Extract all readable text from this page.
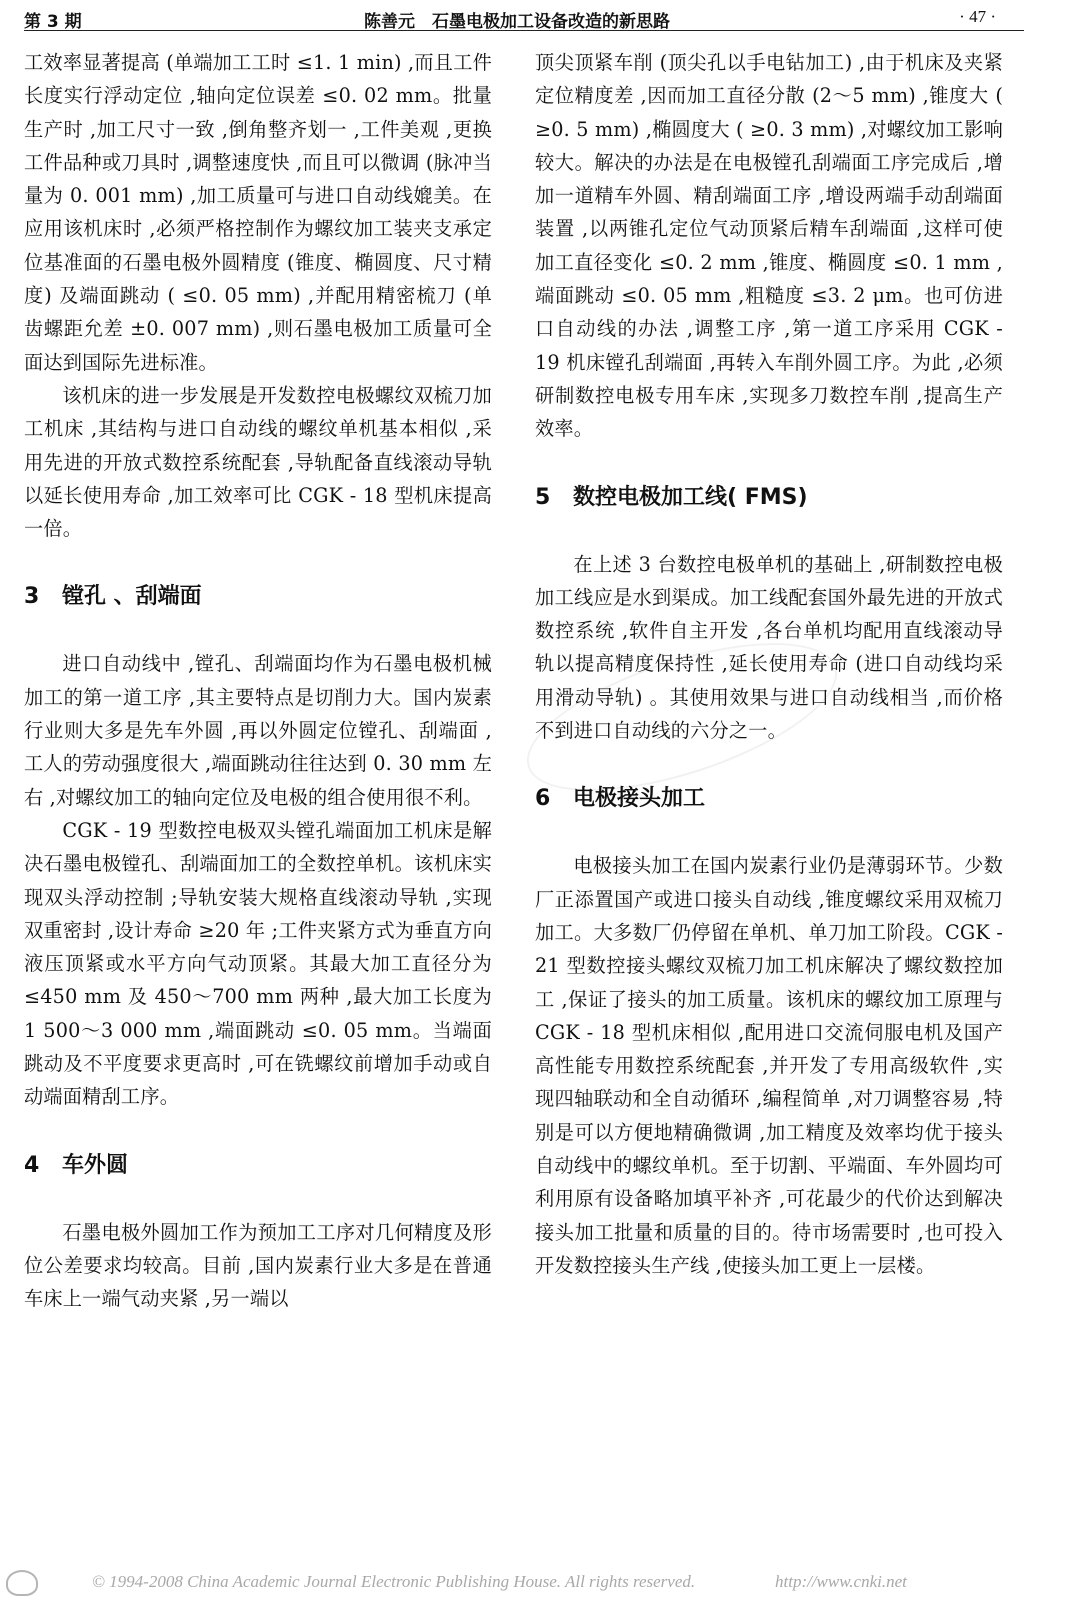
第 3 期	陈善元　石墨电极加工设备改造的新思路	· 47 ·

工效率显著提高 (单端加工工时 ≤1. 1 min) ,而且工件长度实行浮动定位 ,轴向定位误差 ≤0. 02 mm。批量生产时 ,加工尺寸一致 ,倒角整齐划一 ,工件美观 ,更换工件品种或刀具时 ,调整速度快 ,而且可以微调 (脉冲当量为 0. 001 mm) ,加工质量可与进口自动线媲美。在应用该机床时 ,必须严格控制作为螺纹加工装夹支承定位基准面的石墨电极外圆精度 (锥度、椭圆度、尺寸精度) 及端面跳动 ( ≤0. 05 mm) ,并配用精密梳刀 (单齿螺距允差 ±0. 007 mm) ,则石墨电极加工质量可全面达到国际先进标准。

该机床的进一步发展是开发数控电极螺纹双梳刀加工机床 ,其结构与进口自动线的螺纹单机基本相似 ,采用先进的开放式数控系统配套 ,导轨配备直线滚动导轨以延长使用寿命 ,加工效率可比 CGK - 18 型机床提高一倍。

3 镗孔 、刮端面

进口自动线中 ,镗孔、刮端面均作为石墨电极机械加工的第一道工序 ,其主要特点是切削力大。国内炭素行业则大多是先车外圆 ,再以外圆定位镗孔、刮端面 ,工人的劳动强度很大 ,端面跳动往往达到 0. 30 mm 左右 ,对螺纹加工的轴向定位及电极的组合使用很不利。

CGK - 19 型数控电极双头镗孔端面加工机床是解决石墨电极镗孔、刮端面加工的全数控单机。该机床实现双头浮动控制 ;导轨安装大规格直线滚动导轨 ,实现双重密封 ,设计寿命 ≥20 年 ;工件夹紧方式为垂直方向液压顶紧或水平方向气动顶紧。其最大加工直径分为 ≤450 mm 及 450～700 mm 两种 ,最大加工长度为 1 500～3 000 mm ,端面跳动 ≤0. 05 mm。当端面跳动及不平度要求更高时 ,可在铣螺纹前增加手动或自动端面精刮工序。

4 车外圆

石墨电极外圆加工作为预加工工序对几何精度及形位公差要求均较高。目前 ,国内炭素行业大多是在普通车床上一端气动夹紧 ,另一端以

顶尖顶紧车削 (顶尖孔以手电钻加工) ,由于机床及夹紧定位精度差 ,因而加工直径分散 (2～5 mm) ,锥度大 ( ≥0. 5 mm) ,椭圆度大 ( ≥0. 3 mm) ,对螺纹加工影响较大。解决的办法是在电极镗孔刮端面工序完成后 ,增加一道精车外圆、精刮端面工序 ,增设两端手动刮端面装置 ,以两锥孔定位气动顶紧后精车刮端面 ,这样可使加工直径变化 ≤0. 2 mm ,锥度、椭圆度 ≤0. 1 mm ,端面跳动 ≤0. 05 mm ,粗糙度 ≤3. 2 μm。也可仿进口自动线的办法 ,调整工序 ,第一道工序采用 CGK - 19 机床镗孔刮端面 ,再转入车削外圆工序。为此 ,必须研制数控电极专用车床 ,实现多刀数控车削 ,提高生产效率。

5 数控电极加工线( FMS)

在上述 3 台数控电极单机的基础上 ,研制数控电极加工线应是水到渠成。加工线配套国外最先进的开放式数控系统 ,软件自主开发 ,各台单机均配用直线滚动导轨以提高精度保持性 ,延长使用寿命 (进口自动线均采用滑动导轨) 。其使用效果与进口自动线相当 ,而价格不到进口自动线的六分之一。

6 电极接头加工

电极接头加工在国内炭素行业仍是薄弱环节。少数厂正添置国产或进口接头自动线 ,锥度螺纹采用双梳刀加工。大多数厂仍停留在单机、单刀加工阶段。CGK - 21 型数控接头螺纹双梳刀加工机床解决了螺纹数控加工 ,保证了接头的加工质量。该机床的螺纹加工原理与 CGK - 18 型机床相似 ,配用进口交流伺服电机及国产高性能专用数控系统配套 ,并开发了专用高级软件 ,实现四轴联动和全自动循环 ,编程简单 ,对刀调整容易 ,特别是可以方便地精确微调 ,加工精度及效率均优于接头自动线中的螺纹单机。至于切割、平端面、车外圆均可利用原有设备略加填平补齐 ,可花最少的代价达到解决接头加工批量和质量的目的。待市场需要时 ,也可投入开发数控接头生产线 ,使接头加工更上一层楼。

© 1994-2008 China Academic Journal Electronic Publishing House. All rights reserved.	http://www.cnki.net
